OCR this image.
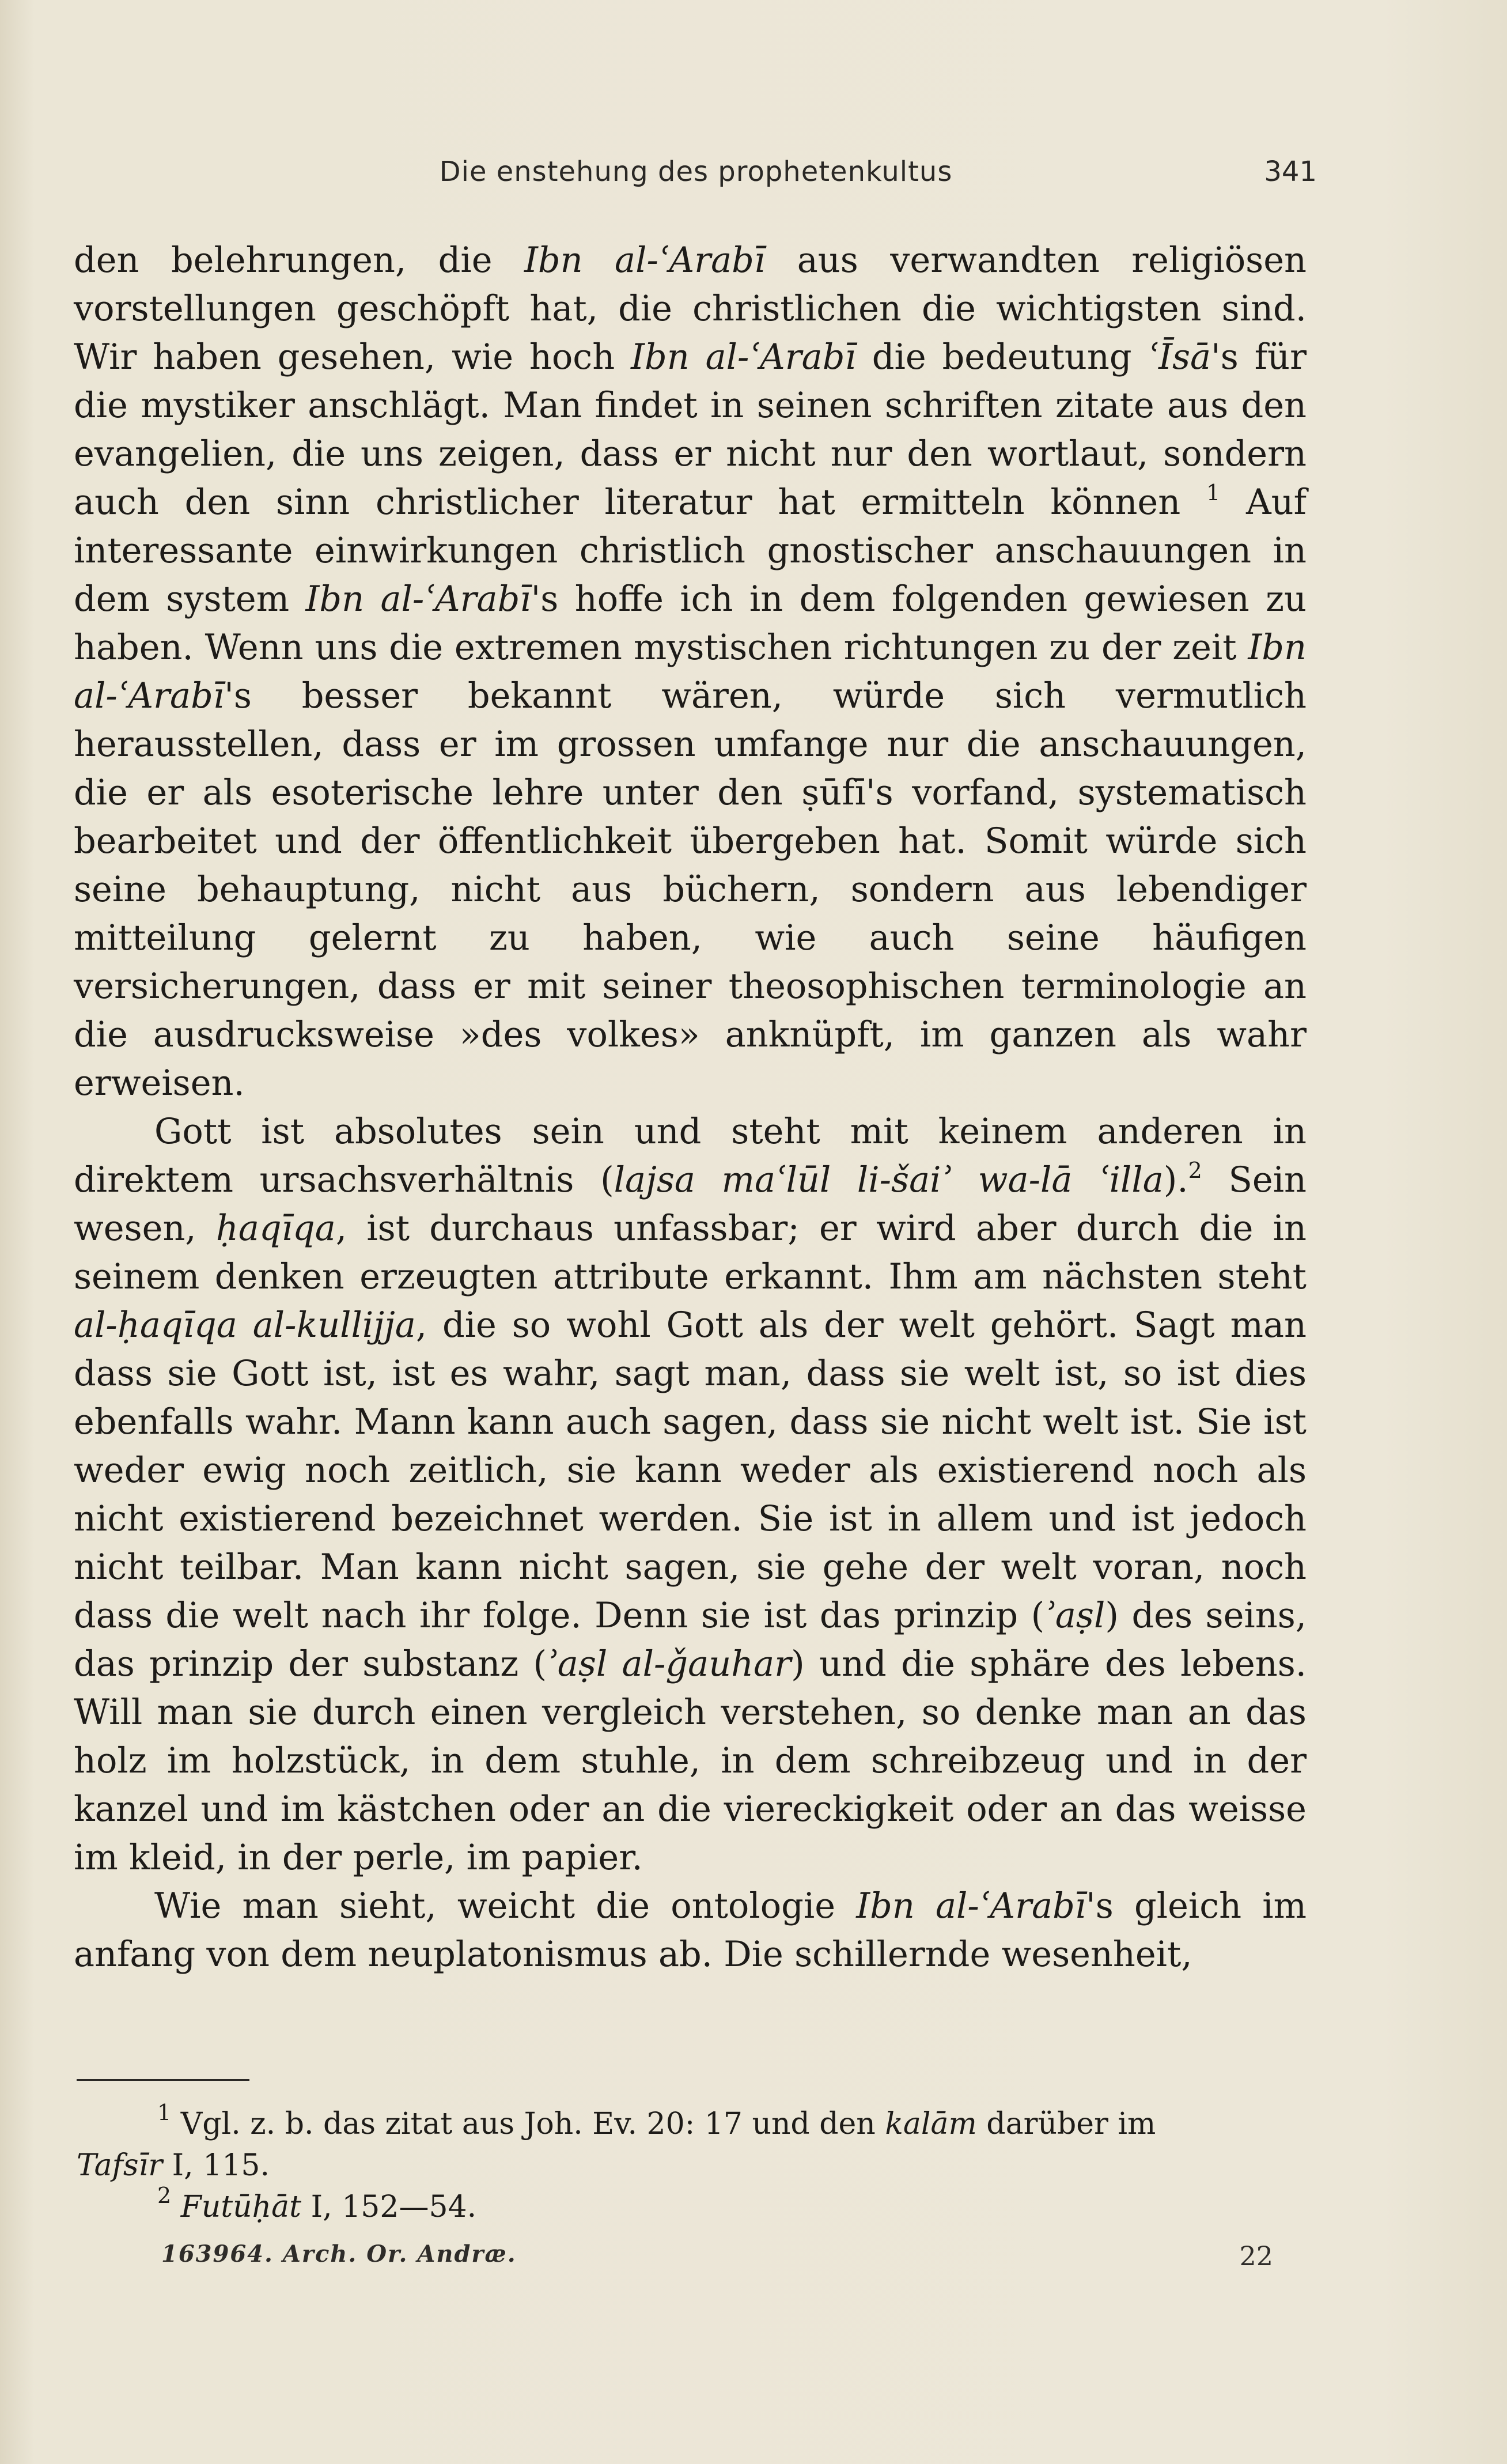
Die enstehung des prophetenkultus	341

den belehrungen, die Ibn al-ʿArabī aus verwandten religiösen vorstellungen geschöpft hat, die christlichen die wichtigsten sind. Wir haben gesehen, wie hoch Ibn al-ʿArabī die bedeutung ʿĪsā's für die mystiker anschlägt. Man findet in seinen schriften zitate aus den evangelien, die uns zeigen, dass er nicht nur den wortlaut, sondern auch den sinn christlicher literatur hat ermitteln können $^1$ Auf interessante einwirkungen christlich gnostischer anschauungen in dem system Ibn al-ʿArabī's hoffe ich in dem folgenden gewiesen zu haben. Wenn uns die extremen mystischen richtungen zu der zeit Ibn al-ʿArabī's besser bekannt wären, würde sich vermutlich herausstellen, dass er im grossen umfange nur die anschauungen, die er als esoterische lehre unter den ṣūfī's vorfand, systematisch bearbeitet und der öffentlichkeit übergeben hat. Somit würde sich seine behauptung, nicht aus büchern, sondern aus lebendiger mitteilung gelernt zu haben, wie auch seine häufigen versicherungen, dass er mit seiner theosophischen terminologie an die ausdrucksweise »des volkes» anknüpft, im ganzen als wahr erweisen.

Gott ist absolutes sein und steht mit keinem anderen in direktem ursachsverhältnis (lajsa maʿlūl li-šaiʾ wa-lā ʿilla).$^2$ Sein wesen, ḥaqīqa, ist durchaus unfassbar; er wird aber durch die in seinem denken erzeugten attribute erkannt. Ihm am nächsten steht al-ḥaqīqa al-kullijja, die so wohl Gott als der welt gehört. Sagt man dass sie Gott ist, ist es wahr, sagt man, dass sie welt ist, so ist dies ebenfalls wahr. Mann kann auch sagen, dass sie nicht welt ist. Sie ist weder ewig noch zeitlich, sie kann weder als existierend noch als nicht existierend bezeichnet werden. Sie ist in allem und ist jedoch nicht teilbar. Man kann nicht sagen, sie gehe der welt voran, noch dass die welt nach ihr folge. Denn sie ist das prinzip (ʾaṣl) des seins, das prinzip der substanz (ʾaṣl al-ǧauhar) und die sphäre des lebens. Will man sie durch einen vergleich verstehen, so denke man an das holz im holzstück, in dem stuhle, in dem schreibzeug und in der kanzel und im kästchen oder an die viereckigkeit oder an das weisse im kleid, in der perle, im papier.

Wie man sieht, weicht die ontologie Ibn al-ʿArabī's gleich im anfang von dem neuplatonismus ab. Die schillernde wesenheit,

$^1$ Vgl. z. b. das zitat aus Joh. Ev. 20: 17 und den kalām darüber im

Tafsīr I, 115.

$^2$ Futūḥāt I, 152—54.

163964. Arch. Or. Andræ.	22
